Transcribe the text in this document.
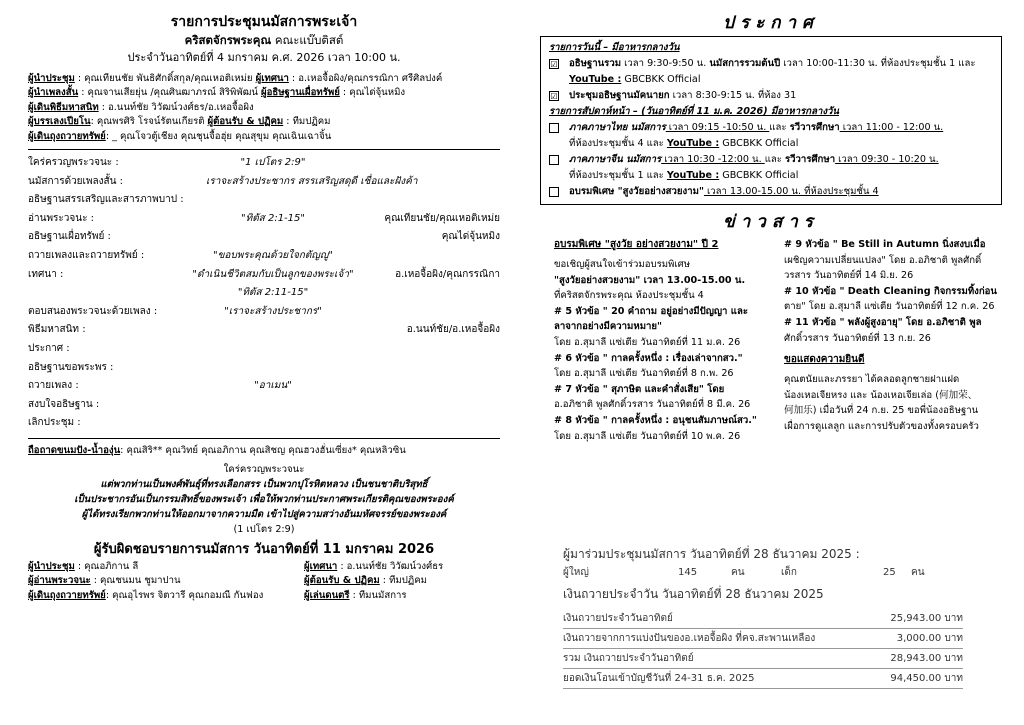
รายการประชุมนมัสการพระเจ้า
คริสตจักรพระคุณ คณะแบ๊บติสต์
ประจำวันอาทิตย์ที่ 4 มกราคม ค.ศ. 2026 เวลา 10:00 น.
ผู้นำประชุม : คุณเทียนชัย พันธิศักดิ์สกุล/คุณเหอติเหม่ย ผู้เทศนา : อ.เหอจื้อผิง/คุณกรรณิกา ศรีศิลปงค์
ผู้นำเพลงสั้น : คุณจานเสียยุ่น /คุณศินฒาภรณ์ สิริพิพัฒน์ ผู้อธิษฐานเผื่อทรัพย์ : คุณได่จุ้นหมิง
ผู้เดินพิธีมหาสนิท : อ.นนท์ชัย วิวัฒน์วงศ์ธร/อ.เหอจื้อผิง
ผู้บรรเลงเปียโน: คุณพรศิริ โรจน์รัตนเกียรติ ผู้ต้อนรับ & ปฏิคม : ทีมปฏิคม
ผู้เดินถุงถวายทรัพย์: _ คุณโจวตู้เชียง คุณชุนจื้อฮุ่ย คุณสุขุม คุณเฉินเฉาจิ้น
ใคร่ครวญพระวจนะ :	"1 เปโตร 2:9"
นมัสการด้วยเพลงสั้น :	เราจะสร้างประชากร สรรเสริญสดุดี เชื่อและฝังค้า
อธิษฐานสรรเสริญและสารภาพบาป :
อ่านพระวจนะ :	"ทิตัส 2:1-15"	คุณเทียนชัย/คุณเหอติเหม่ย
อธิษฐานเผื่อทรัพย์ :	คุณได่จุ้นหมิง
ถวายเพลงและถวายทรัพย์ :	"ขอบพระคุณด้วยใจกตัญญู"
เทศนา :	"ดำเนินชีวิตสมกับเป็นลูกของพระเจ้า"	อ.เหอจื้อผิง/คุณกรรณิกา
"ทิตัส 2:11-15"
ตอบสนองพระวจนะด้วยเพลง :	"เราจะสร้างประชากร"
พิธีมหาสนิท :	อ.นนท์ชัย/อ.เหอจื้อผิง
ประกาศ :
อธิษฐานขอพระพร :
ถวายเพลง :	"อาเมน"
สงบใจอธิษฐาน :
เลิกประชุม :
ถือถาดขนมปัง-น้ำองุ่น: คุณสิริ** คุณวิทย์ คุณอภิกาน คุณสิชญ คุณฮวงฮั่นเซี่ยง* คุณหลิวซิน
ใคร่ครวญพระวจนะ
แต่พวกท่านเป็นพงศ์พันธุ์ที่ทรงเลือกสรร เป็นพวกปุโรหิตหลวง เป็นชนชาติบริสุทธิ์
เป็นประชากรอันเป็นกรรมสิทธิ์ของพระเจ้า เพื่อให้พวกท่านประกาศพระเกียรติคุณของพระองค์
ผู้ได้ทรงเรียกพวกท่านให้ออกมาจากความมืด เข้าไปสู่ความสว่างอันมหัศจรรย์ของพระองค์
(1 เปโตร 2:9)
ผู้รับผิดชอบรายการนมัสการ วันอาทิตย์ที่ 11 มกราคม 2026
ผู้นำประชุม : คุณอภิกาน ลี
ผู้อ่านพระวจนะ : คุณชนมน ชูมาปาน
ผู้เดินถุงถวายทรัพย์: คุณอุไรพร จิตวารี คุณกอมณี กันฟอง
ผู้เทศนา : อ.นนท์ชัย วิวัฒน์วงศ์ธร
ผู้ต้อนรับ & ปฏิคม : ทีมปฏิคม
ผู้เล่นดนตรี : ทีมนมัสการ
ประกาศ
รายการวันนี้ – มีอาหารกลางวัน
☑ อธิษฐานรวม เวลา 9:30-9:50 น. นมัสการรวมต้นปี เวลา 10:00-11:30 น. ที่ห้องประชุมชั้น 1 และ
YouTube : GBCBKK Official
☑ ประชุมอธิษฐานมัคนายก เวลา 8:30-9:15 น. ที่ห้อง 31
รายการสัปดาห์หน้า – (วันอาทิตย์ที่ 11 ม.ค. 2026) มีอาหารกลางวัน
ภาคภาษาไทย นมัสการ เวลา 09:15 -10:50 น. และ รวีวารศึกษา เวลา 11:00 - 12:00 น.
ที่ห้องประชุมชั้น 4 และ YouTube : GBCBKK Official
ภาคภาษาจีน นมัสการ เวลา 10:30 -12:00 น. และ รวีวารศึกษา เวลา 09:30 - 10:20 น.
ที่ห้องประชุมชั้น 1 และ YouTube : GBCBKK Official
อบรมพิเศษ "สูงวัยอย่างสวยงาม" เวลา 13.00-15.00 น. ที่ห้องประชุมชั้น 4
ข่าวสาร
อบรมพิเศษ "สูงวัย อย่างสวยงาม" ปี 2

ขอเชิญผู้สนใจเข้าร่วมอบรมพิเศษ

"สูงวัยอย่างสวยงาม" เวลา 13.00-15.00 น.

ที่คริสตจักรพระคุณ ห้องประชุมชั้น 4

# 5 หัวข้อ " 20 คำถาม อยู่อย่างมีปัญญา และ

ลาจากอย่างมีความหมาย"

โดย อ.สุมาลี แซ่เตีย วันอาทิตย์ที่ 11 ม.ค. 26

# 6 หัวข้อ " กาลครั้งหนึ่ง : เรื่องเล่าจากสว."

โดย อ.สุมาลี แซ่เตีย วันอาทิตย์ที่ 8 ก.พ. 26

# 7 หัวข้อ " สุภาษิต และคำสั่งเสีย" โดย

อ.อภิชาติ พูลศักดิ์วรสาร วันอาทิตย์ที่ 8 มี.ค. 26

# 8 หัวข้อ " กาลครั้งหนึ่ง : อนุชนสัมภาษณ์สว."

โดย อ.สุมาลี แซ่เตีย วันอาทิตย์ที่ 10 พ.ค. 26

# 9 หัวข้อ " Be Still in Autumn นิ่งสงบเมื่อ

เผชิญความเปลี่ยนแปลง" โดย อ.อภิชาติ พูลศักดิ์

วรสาร วันอาทิตย์ที่ 14 มิ.ย. 26

# 10 หัวข้อ " Death Cleaning กิจกรรมทิ้งก่อน

ตาย" โดย อ.สุมาลี แซ่เตีย วันอาทิตย์ที่ 12 ก.ค. 26

# 11 หัวข้อ " พลังผู้สูงอายุ" โดย อ.อภิชาติ พูล

ศักดิ์วรสาร วันอาทิตย์ที่ 13 ก.ย. 26

ขอแสดงความยินดี

คุณตนัยและภรรยา ได้คลอดลูกชายฝาแฝด

น้องเหอเจียหรง และ น้องเหอเจียเล่อ (何加荣、

何加乐) เมื่อวันที่ 24 ก.ย. 25 ขอพี่น้องอธิษฐาน

เผื่อการดูแลลูก และการปรับตัวของทั้งครอบครัว

ผู้มาร่วมประชุมนมัสการ วันอาทิตย์ที่ 28 ธันวาคม 2025 :
ผู้ใหญ่	145	คน	เด็ก	25 คน
เงินถวายประจำวัน วันอาทิตย์ที่ 28 ธันวาคม 2025
เงินถวายประจำวันอาทิตย์	25,943.00 บาท
เงินถวายจากการแบ่งปันของอ.เหอจื้อผิง ที่คจ.สะพานเหลือง	3,000.00 บาท
รวม เงินถวายประจำวันอาทิตย์	28,943.00 บาท
ยอดเงินโอนเข้าบัญชีวันที่ 24-31 ธ.ค. 2025	94,450.00 บาท
